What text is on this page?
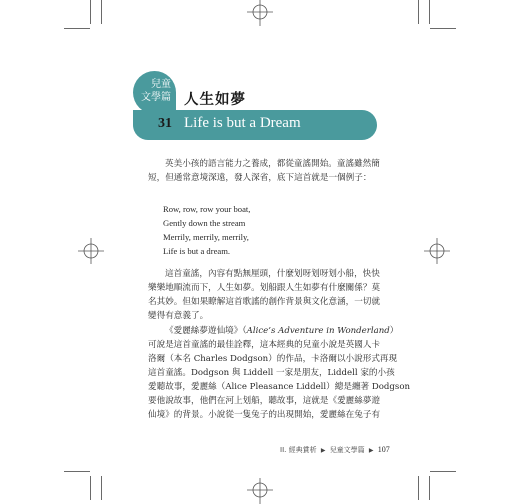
兒童
文學篇 人生如夢
31 Life is but a Dream

英美小孩的語言能力之養成，都從童謠開始。童謠雖然簡
短，但通常意境深遠，發人深省，底下這首就是一個例子：

Row, row, row your boat,
Gently down the stream
Merrily, merrily, merrily,
Life is but a dream.

這首童謠，內容有點無厘頭，什麼划呀划呀划小船，快快
樂樂地順流而下，人生如夢。划船跟人生如夢有什麼關係？莫
名其妙。但如果瞭解這首歌謠的創作背景與文化意涵，一切就
變得有意義了。

《愛麗絲夢遊仙境》（Alice’s Adventure in Wonderland）
可說是這首童謠的最佳詮釋，這本經典的兒童小說是英國人卡
洛爾（本名 Charles Dodgson）的作品，卡洛爾以小說形式再現
這首童謠。Dodgson 與 Liddell 一家是朋友，Liddell 家的小孩
愛聽故事，愛麗絲（Alice Pleasance Liddell）總是纏著 Dodgson
要他說故事，他們在河上划船，聽故事，這就是《愛麗絲夢遊
仙境》的背景。小說從一隻兔子的出現開始，愛麗絲在兔子有

II. 經典賞析 ▶ 兒童文學篇 ▶ 107
